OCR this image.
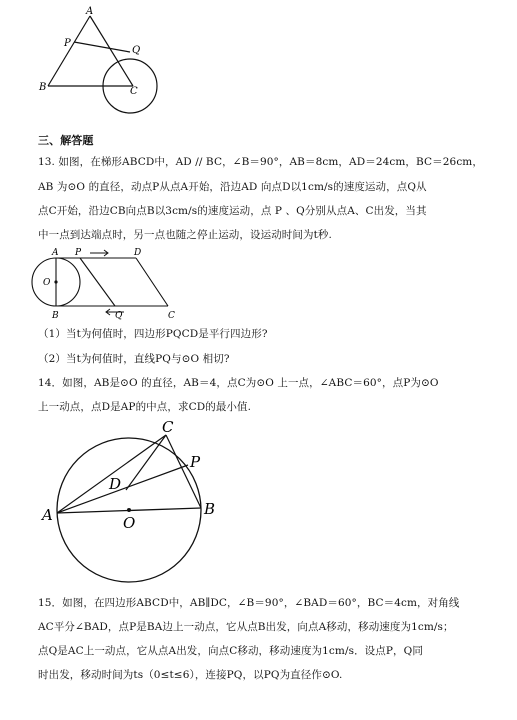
A
P
Q
B	C
三、解答题
13. 如图，在梯形ABCD中，AD // BC，∠B＝90°，AB＝8cm，AD＝24cm，BC＝26cm，
AB 为⊙O 的直径，动点P从点A开始，沿边AD 向点D以1cm/s的速度运动，点Q从
点C开始，沿边CB向点B以3cm/s的速度运动，点 P 、Q分别从点A、C出发，当其
中一点到达端点时，另一点也随之停止运动，设运动时间为t秒.
A P	D
O
B	Q	C
（1）当t为何值时，四边形PQCD是平行四边形?
（2）当t为何值时，直线PQ与⊙O 相切?
14．如图，AB是⊙O 的直径，AB＝4，点C为⊙O 上一点，∠ABC＝60°，点P为⊙O
上一动点，点D是AP的中点，求CD的最小值.
C
P
D
A	O
B
15．如图，在四边形ABCD中，AB∥DC，∠B＝90°，∠BAD＝60°，BC＝4cm，对角线
AC平分∠BAD，点P是BA边上一动点，它从点B出发，向点A移动，移动速度为1cm/s；
点Q是AC上一动点，它从点A出发，向点C移动，移动速度为1cm/s．设点P，Q同
时出发，移动时间为ts（0≤t≤6），连接PQ，以PQ为直径作⊙O.
